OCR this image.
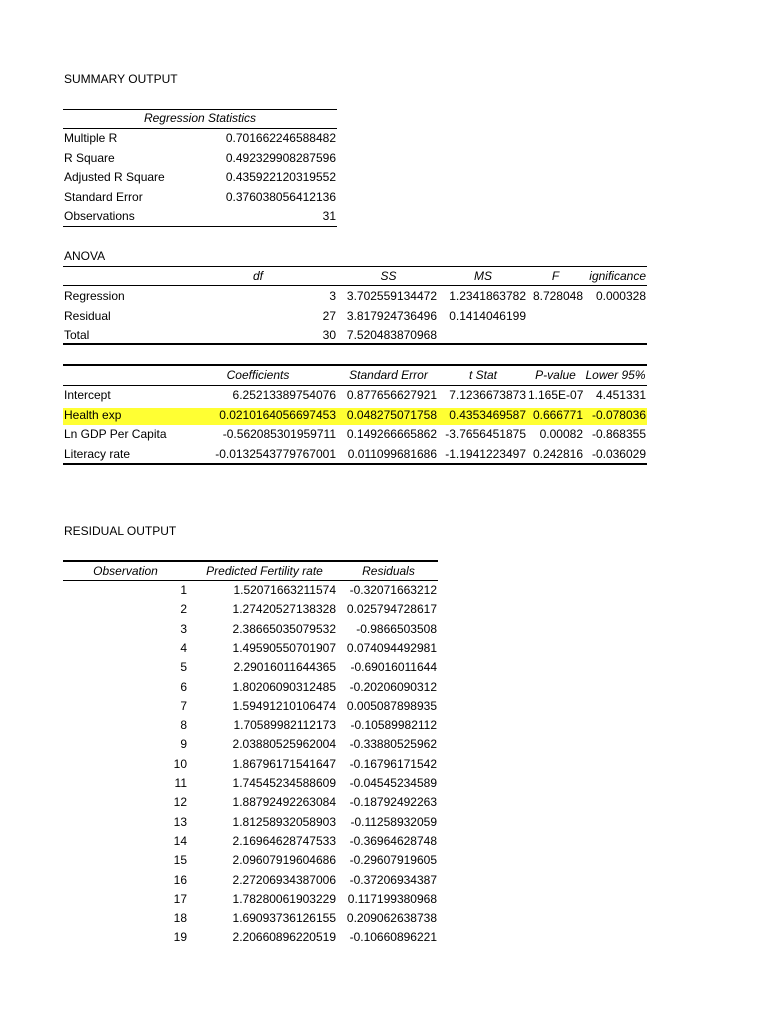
SUMMARY OUTPUT
Regression Statistics
Multiple R	0.701662246588482
R Square	0.492329908287596
Adjusted R Square	0.435922120319552
Standard Error	0.376038056412136
Observations	31
ANOVA
df	SS	MS	F	ignificance
Regression	3 3.702559134472	1.2341863782 8.728048	0.000328
Residual	27 3.817924736496	0.1414046199
Total	30 7.520483870968
Coefficients	Standard Error	t Stat	P-value Lower 95%
Intercept	6.25213389754076 0.877656627921	7.1236673873 1.165E-07	4.451331
Health exp	0.0210164056697453 0.048275071758	0.4353469587 0.666771 -0.078036
Ln GDP Per Capita	-0.562085301959711 0.149266665862 -3.7656451875	0.00082 -0.868355
Literacy rate	-0.0132543779767001 0.011099681686 -1.1941223497 0.242816 -0.036029
RESIDUAL OUTPUT
Observation	Predicted Fertility rate	Residuals
1	1.52071663211574	-0.32071663212
2	1.27420527138328 0.025794728617
3	2.38665035079532	-0.9866503508
4	1.49590550701907 0.074094492981
5	2.29016011644365	-0.69016011644
6	1.80206090312485	-0.20206090312
7	1.59491210106474 0.005087898935
8	1.70589982112173	-0.10589982112
9	2.03880525962004	-0.33880525962
10	1.86796171541647	-0.16796171542
11	1.74545234588609	-0.04545234589
12	1.88792492263084	-0.18792492263
13	1.81258932058903	-0.11258932059
14	2.16964628747533	-0.36964628748
15	2.09607919604686	-0.29607919605
16	2.27206934387006	-0.37206934387
17	1.78280061903229 0.117199380968
18	1.69093736126155 0.209062638738
19	2.20660896220519	-0.10660896221
